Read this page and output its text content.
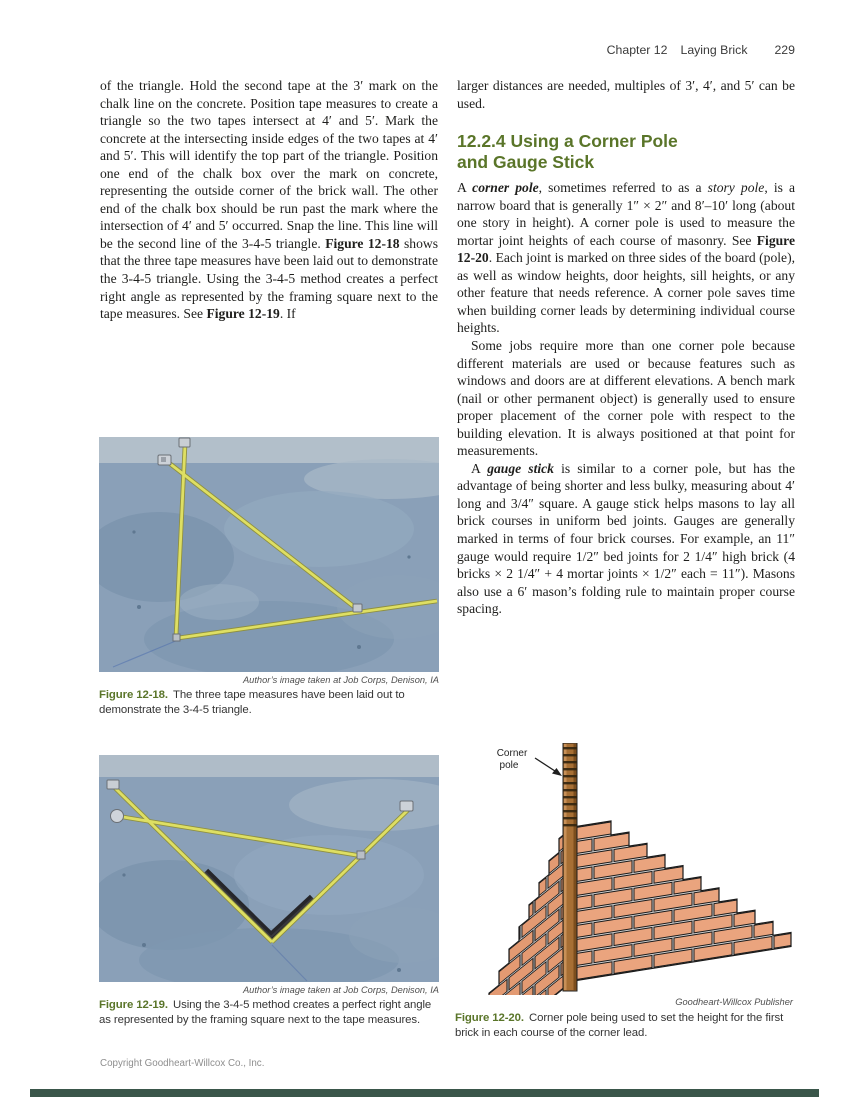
Chapter 12 Laying Brick 229

of the triangle. Hold the second tape at the 3′ mark on the chalk line on the concrete. Position tape measures to create a triangle so the two tapes intersect at 4′ and 5′. Mark the concrete at the intersecting inside edges of the two tapes at 4′ and 5′. This will identify the top part of the triangle. Position one end of the chalk box over the mark on concrete, representing the outside corner of the brick wall. The other end of the chalk box should be run past the mark where the intersection of 4′ and 5′ occurred. Snap the line. This line will be the second line of the 3-4-5 triangle. Figure 12-18 shows that the three tape measures have been laid out to demonstrate the 3-4-5 triangle. Using the 3-4-5 method creates a perfect right angle as represented by the framing square next to the tape measures. See Figure 12-19. If

larger distances are needed, multiples of 3′, 4′, and 5′ can be used.

12.2.4 Using a Corner Pole
and Gauge Stick

A corner pole, sometimes referred to as a story pole, is a narrow board that is generally 1″ × 2″ and 8′–10′ long (about one story in height). A corner pole is used to measure the mortar joint heights of each course of masonry. See Figure 12-20. Each joint is marked on three sides of the board (pole), as well as window heights, door heights, sill heights, or any other feature that needs reference. A corner pole saves time when building corner leads by determining individual course heights.

Some jobs require more than one corner pole because different materials are used or because features such as windows and doors are at different elevations. A bench mark (nail or other permanent object) is generally used to ensure proper placement of the corner pole with respect to the building elevation. It is always positioned at that point for measurements.

A gauge stick is similar to a corner pole, but has the advantage of being shorter and less bulky, measuring about 4′ long and 3/4″ square. A gauge stick helps masons to lay all brick courses in uniform bed joints. Gauges are generally marked in terms of four brick courses. For example, an 11″ gauge would require 1/2″ bed joints for 2 1/4″ high brick (4 bricks × 2 1/4″ + 4 mortar joints × 1/2″ each = 11″). Masons also use a 6′ mason’s folding rule to maintain proper course spacing.

Author’s image taken at Job Corps, Denison, IA

Figure 12-18. The three tape measures have been laid out to demonstrate the 3-4-5 triangle.

Author’s image taken at Job Corps, Denison, IA

Figure 12-19. Using the 3-4-5 method creates a perfect right angle as represented by the framing square next to the tape measures.

Corner
pole
Goodheart-Willcox Publisher

Figure 12-20. Corner pole being used to set the height for the first brick in each course of the corner lead.

Copyright Goodheart-Willcox Co., Inc.
